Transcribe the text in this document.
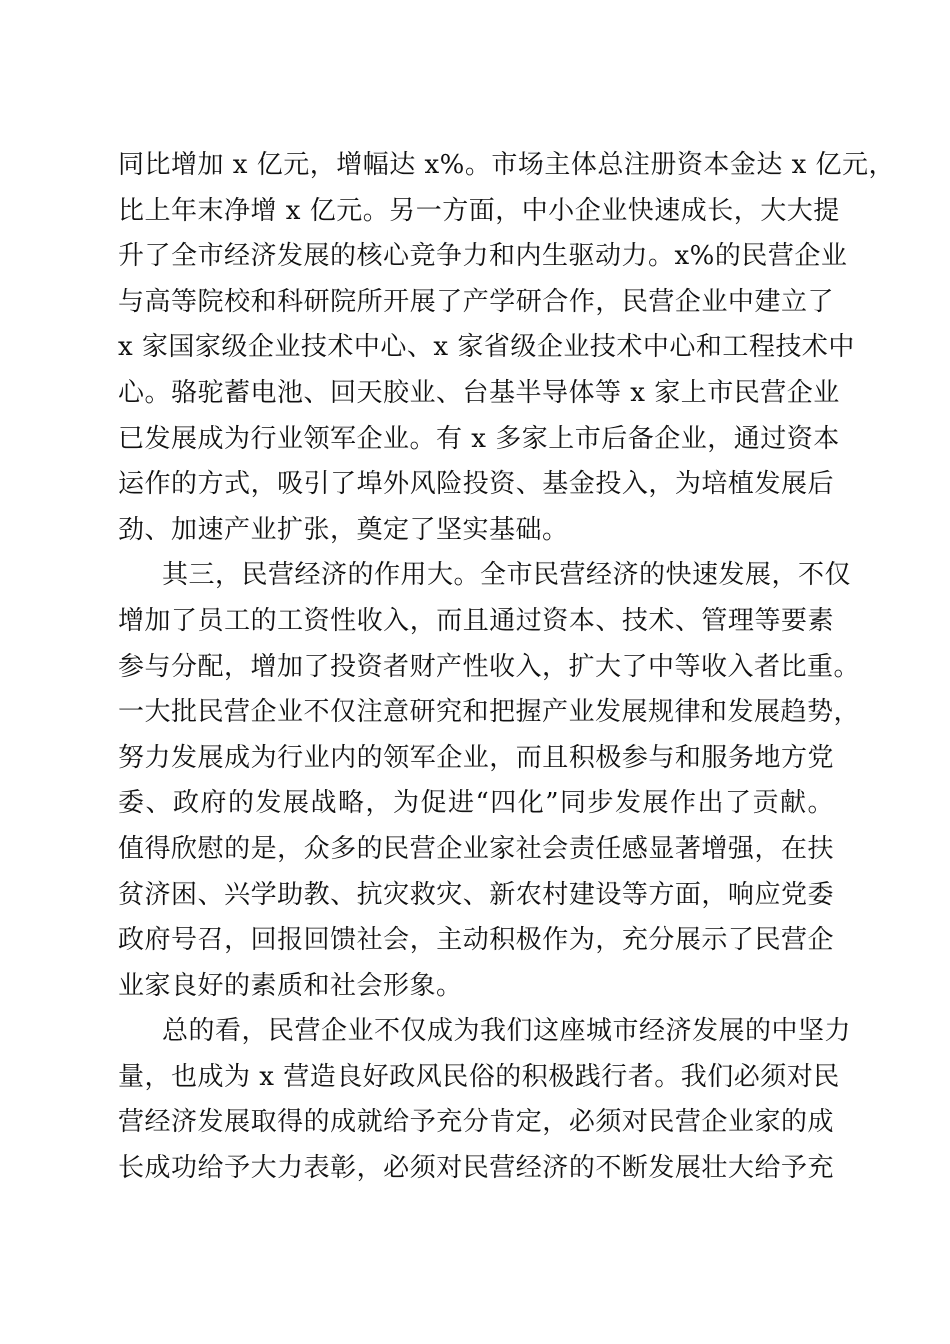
同比增加 x 亿元，增幅达 x%。市场主体总注册资本金达 x 亿元，
比上年末净增 x 亿元。另一方面，中小企业快速成长，大大提
升了全市经济发展的核心竞争力和内生驱动力。x%的民营企业
与高等院校和科研院所开展了产学研合作，民营企业中建立了
x 家国家级企业技术中心、x 家省级企业技术中心和工程技术中
心。骆驼蓄电池、回天胶业、台基半导体等 x 家上市民营企业
已发展成为行业领军企业。有 x 多家上市后备企业，通过资本
运作的方式，吸引了埠外风险投资、基金投入，为培植发展后
劲、加速产业扩张，奠定了坚实基础。
其三，民营经济的作用大。全市民营经济的快速发展，不仅
增加了员工的工资性收入，而且通过资本、技术、管理等要素
参与分配，增加了投资者财产性收入，扩大了中等收入者比重。
一大批民营企业不仅注意研究和把握产业发展规律和发展趋势，
努力发展成为行业内的领军企业，而且积极参与和服务地方党
委、政府的发展战略，为促进“四化”同步发展作出了贡献。
值得欣慰的是，众多的民营企业家社会责任感显著增强，在扶
贫济困、兴学助教、抗灾救灾、新农村建设等方面，响应党委
政府号召，回报回馈社会，主动积极作为，充分展示了民营企
业家良好的素质和社会形象。
总的看，民营企业不仅成为我们这座城市经济发展的中坚力
量，也成为 x 营造良好政风民俗的积极践行者。我们必须对民
营经济发展取得的成就给予充分肯定，必须对民营企业家的成
长成功给予大力表彰，必须对民营经济的不断发展壮大给予充
